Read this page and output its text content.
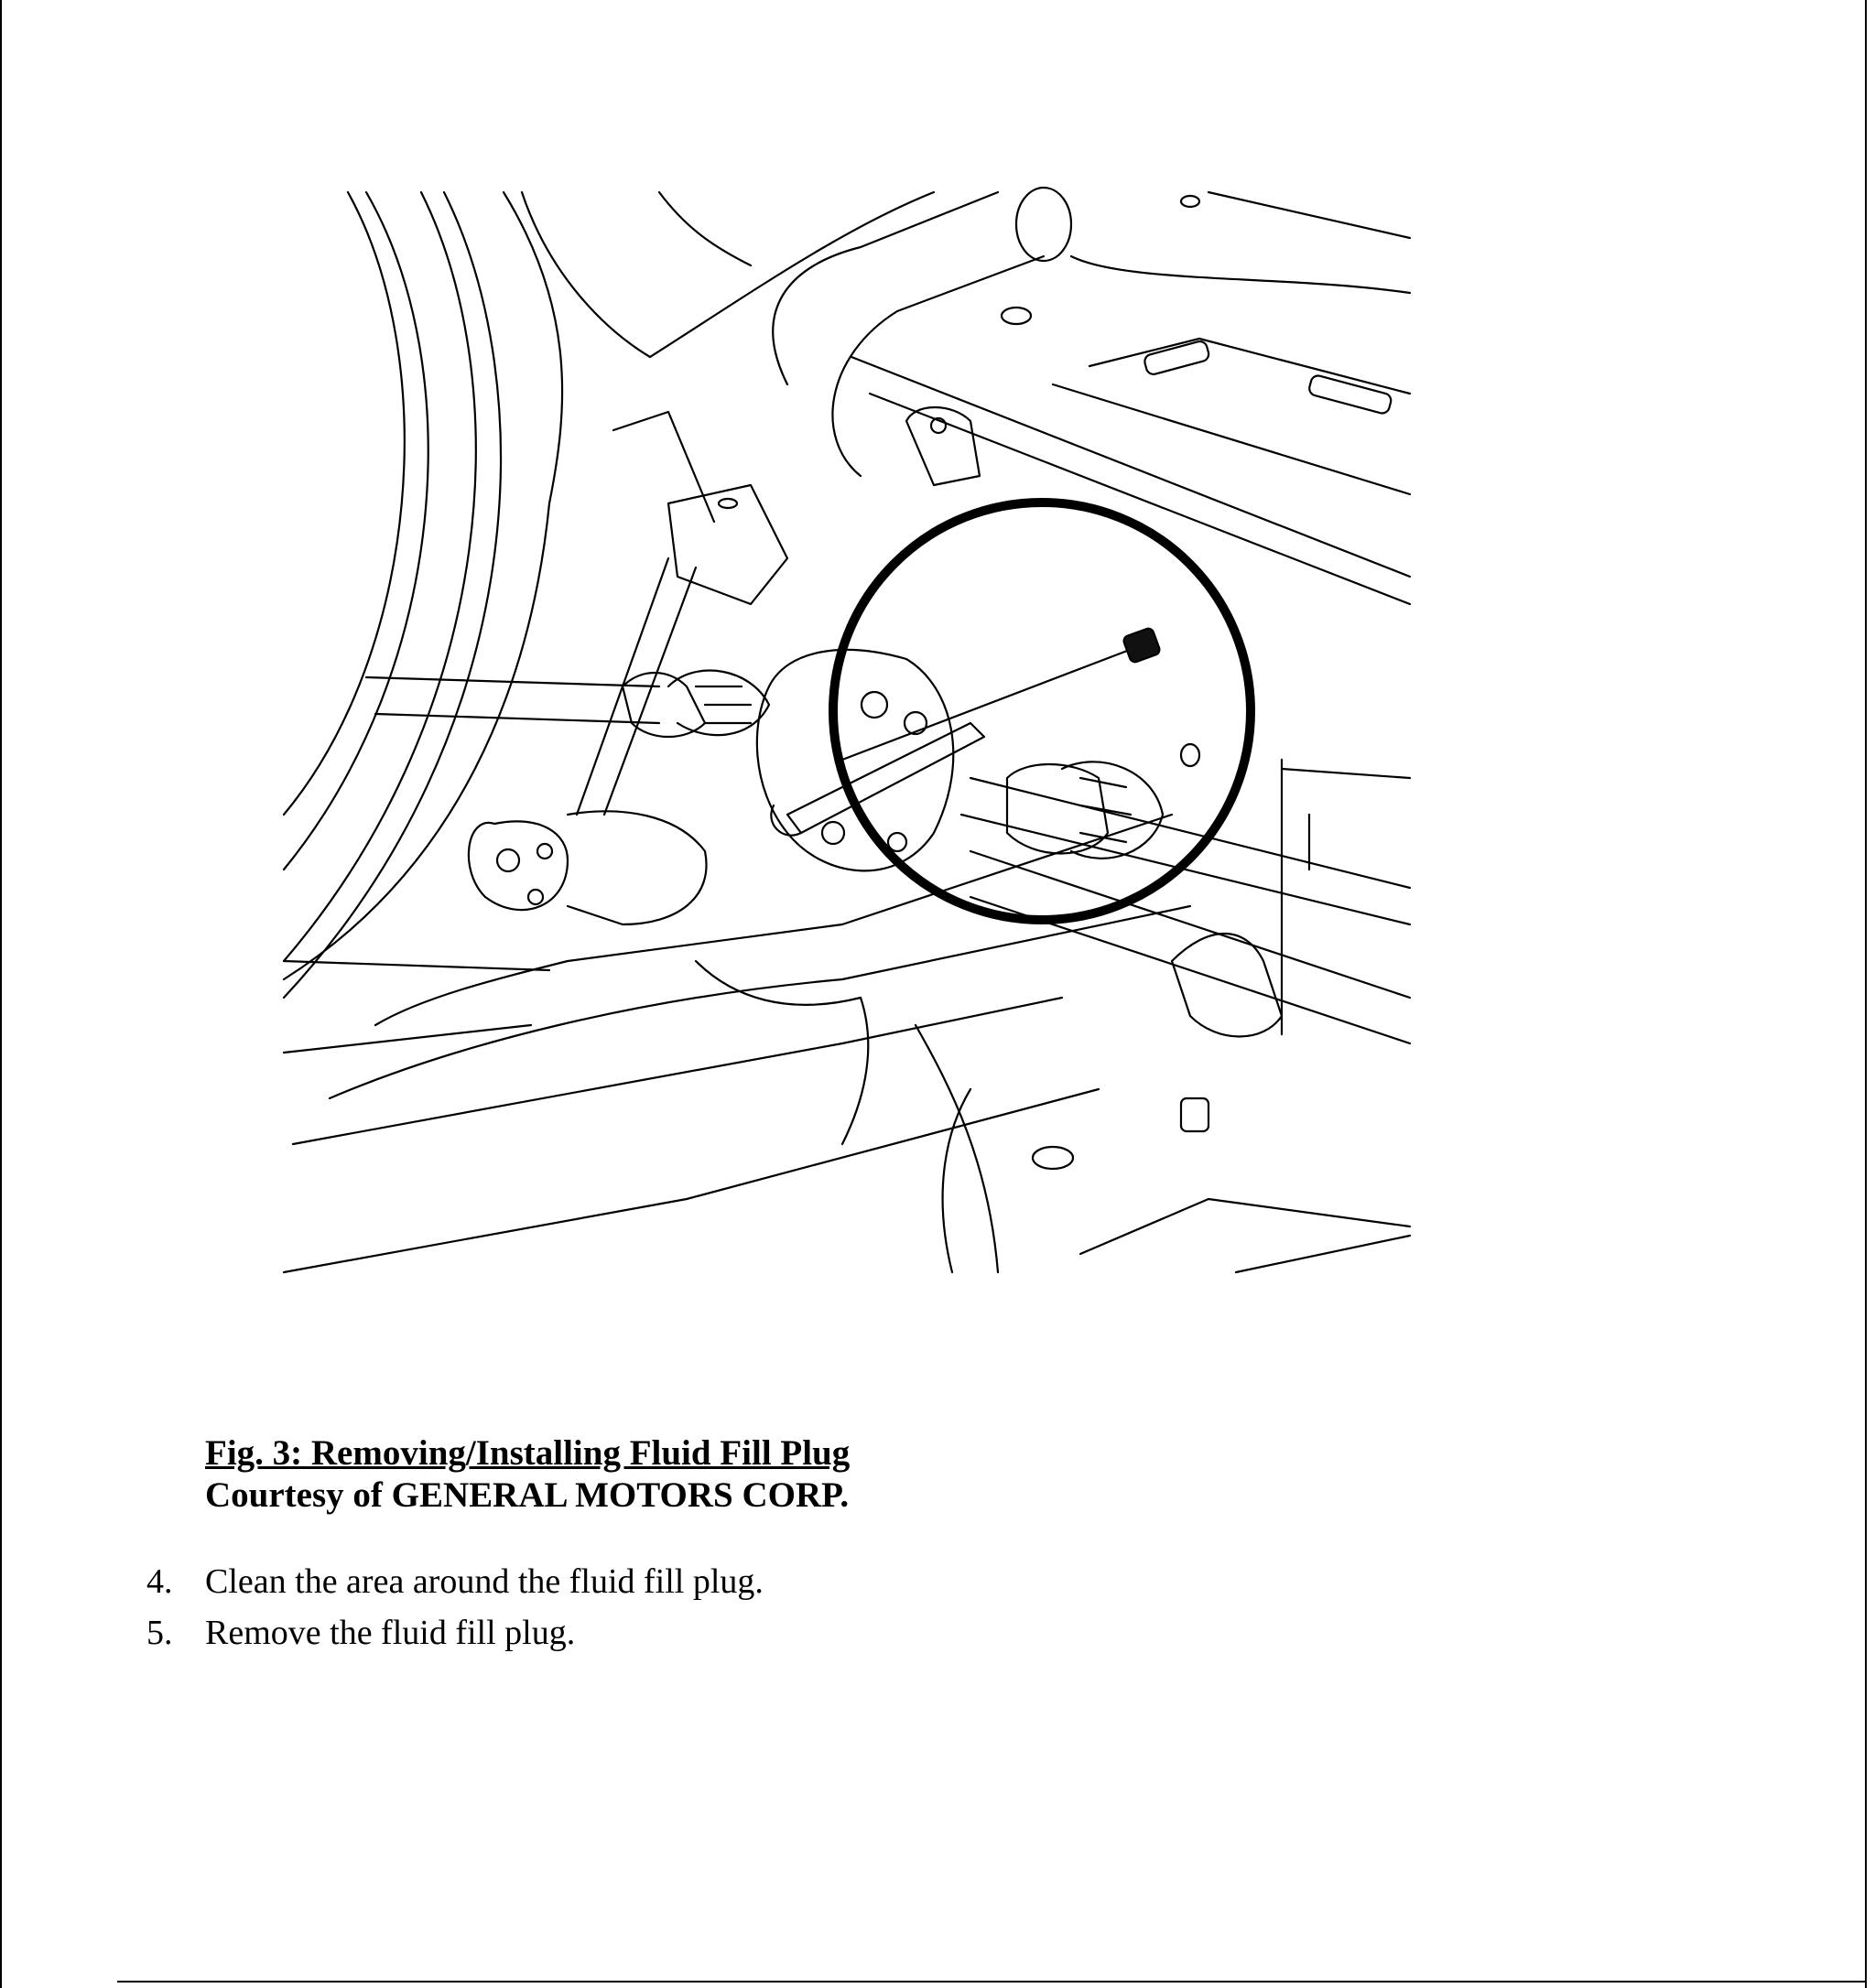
Fig. 3: Removing/Installing Fluid Fill Plug
Courtesy of GENERAL MOTORS CORP.
4. Clean the area around the fluid fill plug.
5. Remove the fluid fill plug.
